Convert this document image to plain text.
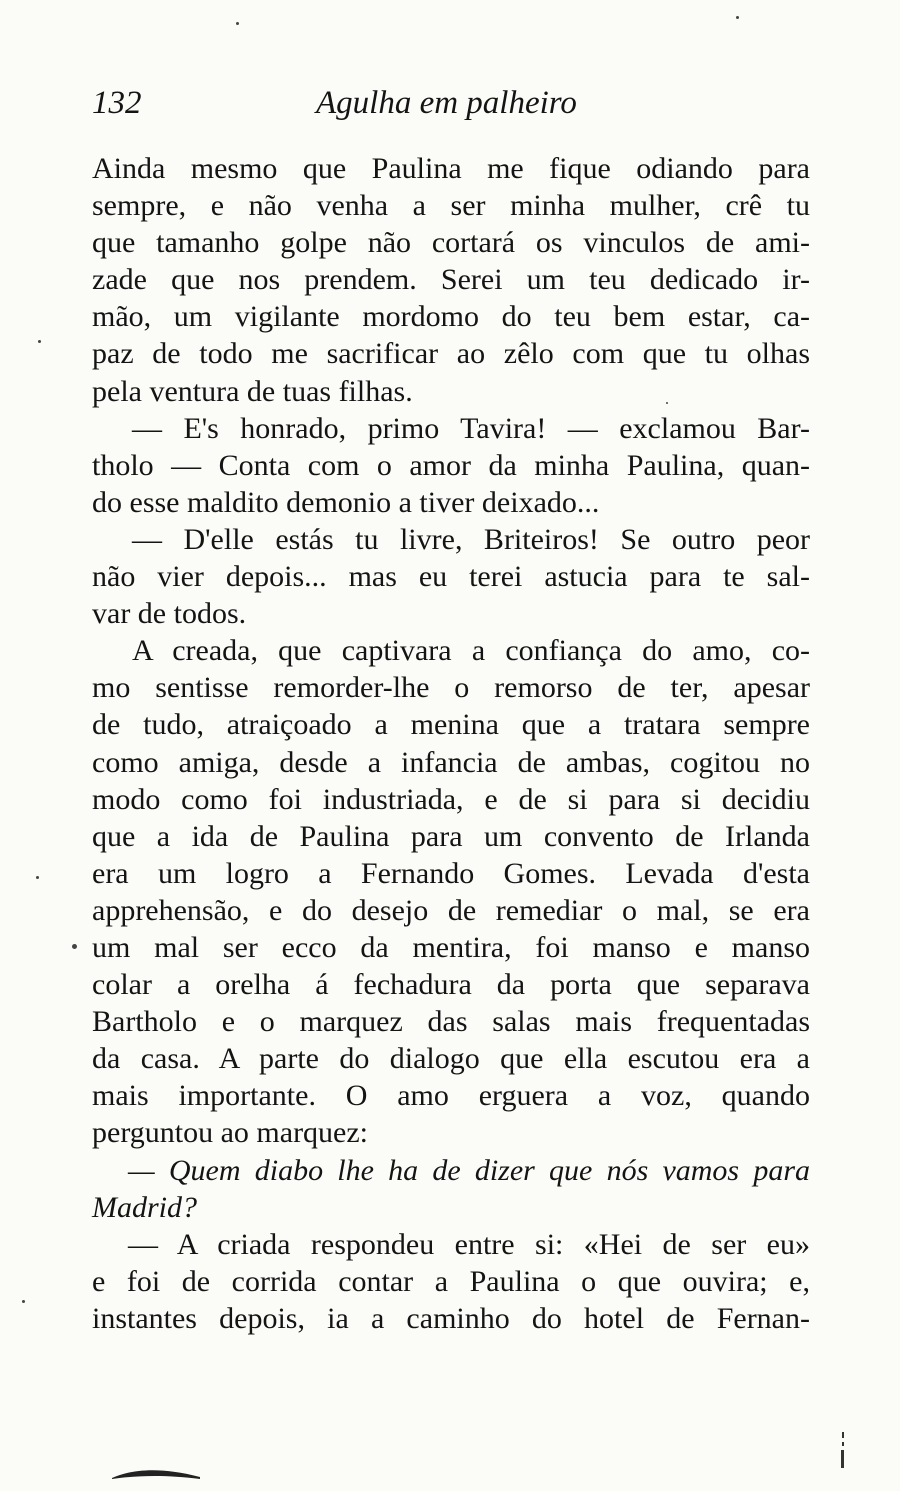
132	Agulha em palheiro
Ainda mesmo que Paulina me fique odiando para
sempre, e não venha a ser minha mulher, crê tu
que tamanho golpe não cortará os vinculos de ami-
zade que nos prendem. Serei um teu dedicado ir-
mão, um vigilante mordomo do teu bem estar, ca-
paz de todo me sacrificar ao zêlo com que tu olhas
pela ventura de tuas filhas.
— E's honrado, primo Tavira! — exclamou Bar-
tholo — Conta com o amor da minha Paulina, quan-
do esse maldito demonio a tiver deixado...
— D'elle estás tu livre, Briteiros! Se outro peor
não vier depois... mas eu terei astucia para te sal-
var de todos.
A creada, que captivara a confiança do amo, co-
mo sentisse remorder-lhe o remorso de ter, apesar
de tudo, atraiçoado a menina que a tratara sempre
como amiga, desde a infancia de ambas, cogitou no
modo como foi industriada, e de si para si decidiu
que a ida de Paulina para um convento de Irlanda
era um logro a Fernando Gomes. Levada d'esta
apprehensão, e do desejo de remediar o mal, se era
um mal ser ecco da mentira, foi manso e manso
colar a orelha á fechadura da porta que separava
Bartholo e o marquez das salas mais frequentadas
da casa. A parte do dialogo que ella escutou era a
mais importante. O amo erguera a voz, quando
perguntou ao marquez:
— Quem diabo lhe ha de dizer que nós vamos para
Madrid?
— A criada respondeu entre si: «Hei de ser eu»
e foi de corrida contar a Paulina o que ouvira; e,
instantes depois, ia a caminho do hotel de Fernan-
